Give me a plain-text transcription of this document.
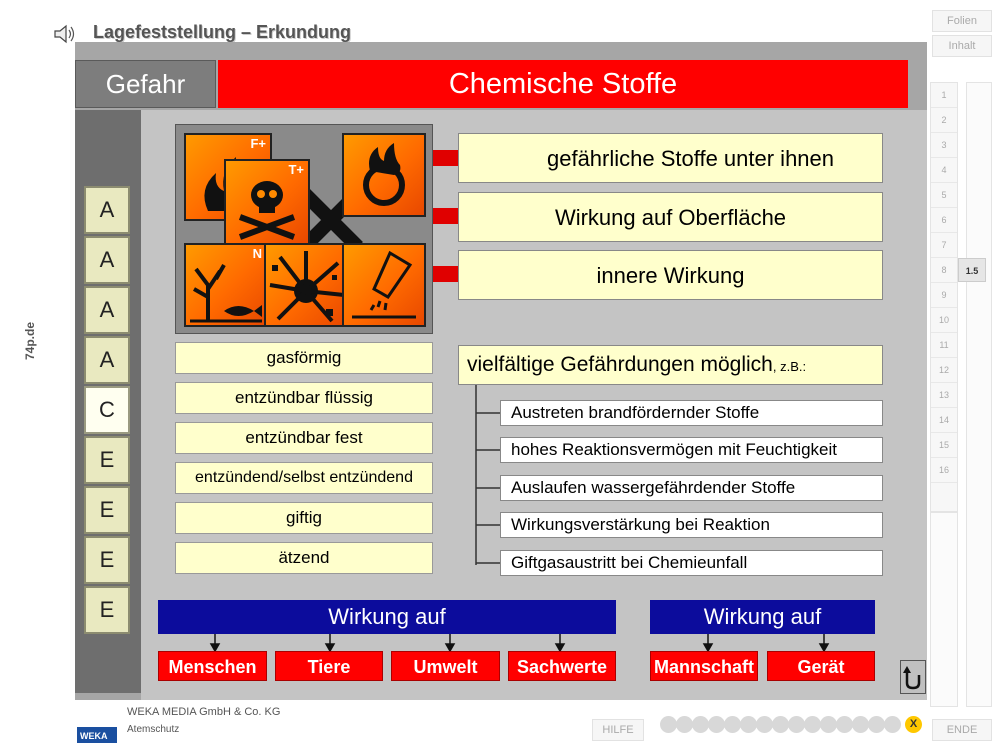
74p.de
Lagefeststellung – Erkundung
Folien
Inhalt
1
2
3
4
5
6
7
8
9
10
11
12
13
14
15
16
1.5
ENDE
Gefahr	Chemische Stoffe
A
A
A
A
C
E
E
E
E
F+
N
T+	gefährliche Stoffe unter ihnen
Wirkung auf Oberfläche
innere Wirkung
gasförmig
entzündbar flüssig
entzündbar fest
entzündend/selbst entzündend
giftig
ätzend
vielfältige Gefährdungen möglich, z.B.:
Austreten brandfördernder Stoffe
hohes Reaktionsvermögen mit Feuchtigkeit
Auslaufen wassergefährdender Stoffe
Wirkungsverstärkung bei Reaktion
Giftgasaustritt bei Chemieunfall
Wirkung auf	Wirkung auf
Menschen	Tiere	Umwelt	Sachwerte	Mannschaft	Gerät
WEKA
WEKA MEDIA GmbH & Co. KG
Atemschutz	HILFE	X
